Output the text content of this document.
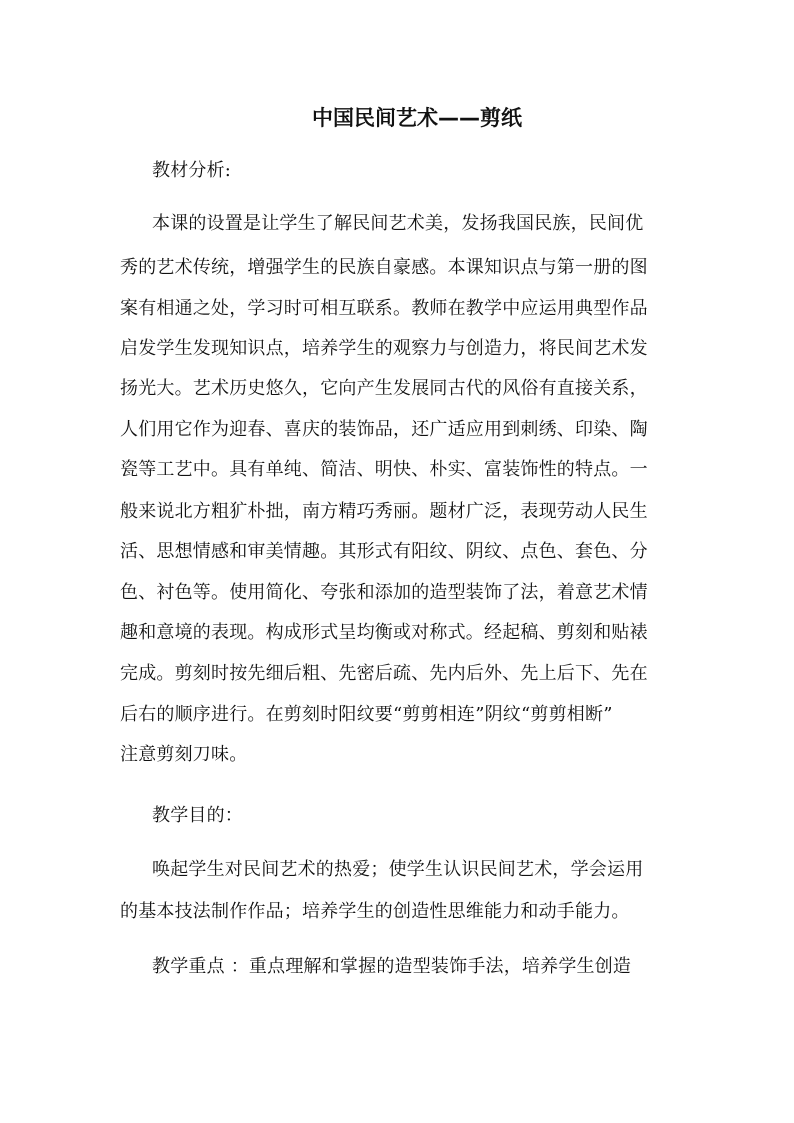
中国民间艺术——剪纸
教材分析:
本课的设置是让学生了解民间艺术美，发扬我国民族，民间优
秀的艺术传统，增强学生的民族自豪感。本课知识点与第一册的图
案有相通之处，学习时可相互联系。教师在教学中应运用典型作品
启发学生发现知识点，培养学生的观察力与创造力，将民间艺术发
扬光大。艺术历史悠久，它向产生发展同古代的风俗有直接关系，
人们用它作为迎春、喜庆的装饰品，还广适应用到刺绣、印染、陶
瓷等工艺中。具有单纯、简洁、明快、朴实、富装饰性的特点。一
般来说北方粗犷朴拙，南方精巧秀丽。题材广泛，表现劳动人民生
活、思想情感和审美情趣。其形式有阳纹、阴纹、点色、套色、分
色、衬色等。使用简化、夸张和添加的造型装饰了法，着意艺术情
趣和意境的表现。构成形式呈均衡或对称式。经起稿、剪刻和贴裱
完成。剪刻时按先细后粗、先密后疏、先内后外、先上后下、先在
后右的顺序进行。在剪刻时阳纹要“剪剪相连”阴纹“剪剪相断”
注意剪刻刀味。
教学目的：
唤起学生对民间艺术的热爱；使学生认识民间艺术，学会运用
的基本技法制作作品；培养学生的创造性思维能力和动手能力。
教学重点 ：重点理解和掌握的造型装饰手法，培养学生创造
